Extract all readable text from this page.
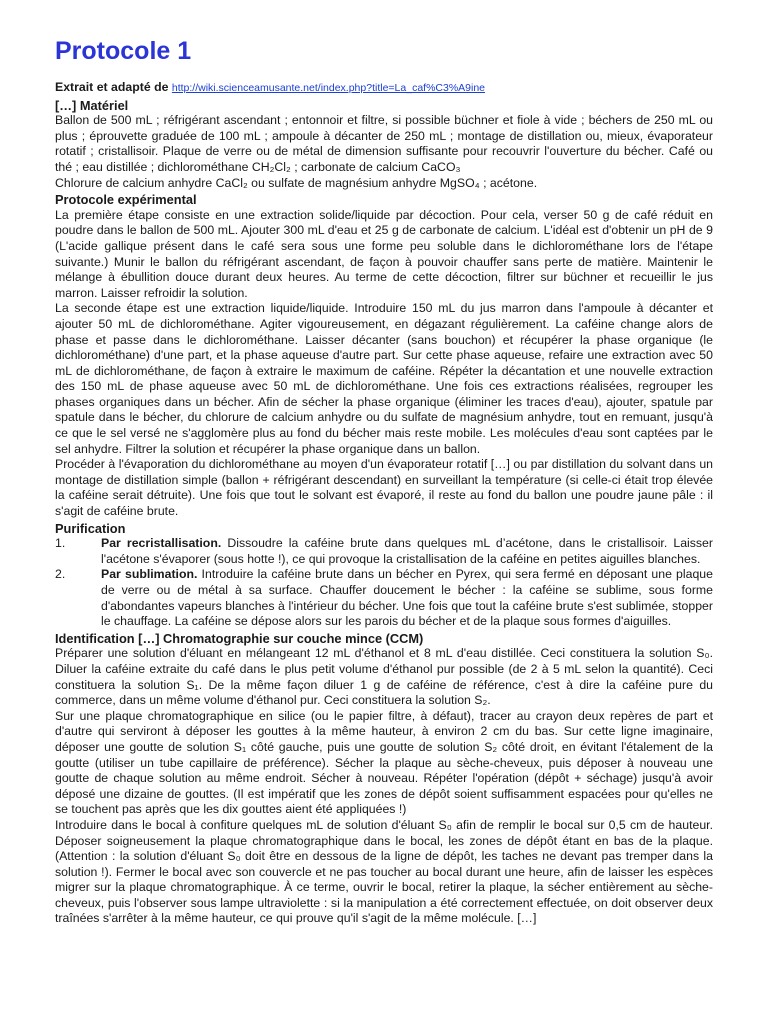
Protocole 1

Extrait et adapté de http://wiki.scienceamusante.net/index.php?title=La_caf%C3%A9ine

[…] Matériel

Ballon de 500 mL ; réfrigérant ascendant ; entonnoir et filtre, si possible büchner et fiole à vide ; béchers de 250 mL ou plus ; éprouvette graduée de 100 mL ; ampoule à décanter de 250 mL ; montage de distillation ou, mieux, évaporateur rotatif ; cristallisoir. Plaque de verre ou de métal de dimension suffisante pour recouvrir l'ouverture du bécher. Café ou thé ; eau distillée ; dichlorométhane CH₂Cl₂ ; carbonate de calcium CaCO₃

Chlorure de calcium anhydre CaCl₂ ou sulfate de magnésium anhydre MgSO₄ ; acétone.

Protocole expérimental

La première étape consiste en une extraction solide/liquide par décoction. Pour cela, verser 50 g de café réduit en poudre dans le ballon de 500 mL. Ajouter 300 mL d'eau et 25 g de carbonate de calcium. L'idéal est d'obtenir un pH de 9 (L'acide gallique présent dans le café sera sous une forme peu soluble dans le dichlorométhane lors de l'étape suivante.) Munir le ballon du réfrigérant ascendant, de façon à pouvoir chauffer sans perte de matière. Maintenir le mélange à ébullition douce durant deux heures. Au terme de cette décoction, filtrer sur büchner et recueillir le jus marron. Laisser refroidir la solution.

La seconde étape est une extraction liquide/liquide. Introduire 150 mL du jus marron dans l'ampoule à décanter et ajouter 50 mL de dichlorométhane. Agiter vigoureusement, en dégazant régulièrement. La caféine change alors de phase et passe dans le dichlorométhane. Laisser décanter (sans bouchon) et récupérer la phase organique (le dichlorométhane) d'une part, et la phase aqueuse d'autre part. Sur cette phase aqueuse, refaire une extraction avec 50 mL de dichlorométhane, de façon à extraire le maximum de caféine. Répéter la décantation et une nouvelle extraction des 150 mL de phase aqueuse avec 50 mL de dichlorométhane. Une fois ces extractions réalisées, regrouper les phases organiques dans un bécher. Afin de sécher la phase organique (éliminer les traces d'eau), ajouter, spatule par spatule dans le bécher, du chlorure de calcium anhydre ou du sulfate de magnésium anhydre, tout en remuant, jusqu'à ce que le sel versé ne s'agglomère plus au fond du bécher mais reste mobile. Les molécules d'eau sont captées par le sel anhydre. Filtrer la solution et récupérer la phase organique dans un ballon.

Procéder à l'évaporation du dichlorométhane au moyen d'un évaporateur rotatif […] ou par distillation du solvant dans un montage de distillation simple (ballon + réfrigérant descendant) en surveillant la température (si celle-ci était trop élevée la caféine serait détruite). Une fois que tout le solvant est évaporé, il reste au fond du ballon une poudre jaune pâle : il s'agit de caféine brute.

Purification
1.	Par recristallisation. Dissoudre la caféine brute dans quelques mL d’acétone, dans le cristallisoir. Laisser l'acétone s'évaporer (sous hotte !), ce qui provoque la cristallisation de la caféine en petites aiguilles blanches.
2.	Par sublimation. Introduire la caféine brute dans un bécher en Pyrex, qui sera fermé en déposant une plaque de verre ou de métal à sa surface. Chauffer doucement le bécher : la caféine se sublime, sous forme d'abondantes vapeurs blanches à l'intérieur du bécher. Une fois que tout la caféine brute s'est sublimée, stopper le chauffage. La caféine se dépose alors sur les parois du bécher et de la plaque sous formes d'aiguilles.
Identification […] Chromatographie sur couche mince (CCM)

Préparer une solution d'éluant en mélangeant 12 mL d'éthanol et 8 mL d'eau distillée. Ceci constituera la solution S₀. Diluer la caféine extraite du café dans le plus petit volume d'éthanol pur possible (de 2 à 5 mL selon la quantité). Ceci constituera la solution S₁. De la même façon diluer 1 g de caféine de référence, c'est à dire la caféine pure du commerce, dans un même volume d'éthanol pur. Ceci constituera la solution S₂.

Sur une plaque chromatographique en silice (ou le papier filtre, à défaut), tracer au crayon deux repères de part et d'autre qui serviront à déposer les gouttes à la même hauteur, à environ 2 cm du bas. Sur cette ligne imaginaire, déposer une goutte de solution S₁ côté gauche, puis une goutte de solution S₂ côté droit, en évitant l'étalement de la goutte (utiliser un tube capillaire de préférence). Sécher la plaque au sèche-cheveux, puis déposer à nouveau une goutte de chaque solution au même endroit. Sécher à nouveau. Répéter l'opération (dépôt + séchage) jusqu'à avoir déposé une dizaine de gouttes. (Il est impératif que les zones de dépôt soient suffisamment espacées pour qu'elles ne se touchent pas après que les dix gouttes aient été appliquées !)

Introduire dans le bocal à confiture quelques mL de solution d'éluant S₀ afin de remplir le bocal sur 0,5 cm de hauteur. Déposer soigneusement la plaque chromatographique dans le bocal, les zones de dépôt étant en bas de la plaque. (Attention : la solution d'éluant S₀ doit être en dessous de la ligne de dépôt, les taches ne devant pas tremper dans la solution !). Fermer le bocal avec son couvercle et ne pas toucher au bocal durant une heure, afin de laisser les espèces migrer sur la plaque chromatographique. À ce terme, ouvrir le bocal, retirer la plaque, la sécher entièrement au sèche-cheveux, puis l'observer sous lampe ultraviolette : si la manipulation a été correctement effectuée, on doit observer deux traînées s'arrêter à la même hauteur, ce qui prouve qu'il s'agit de la même molécule. […]
